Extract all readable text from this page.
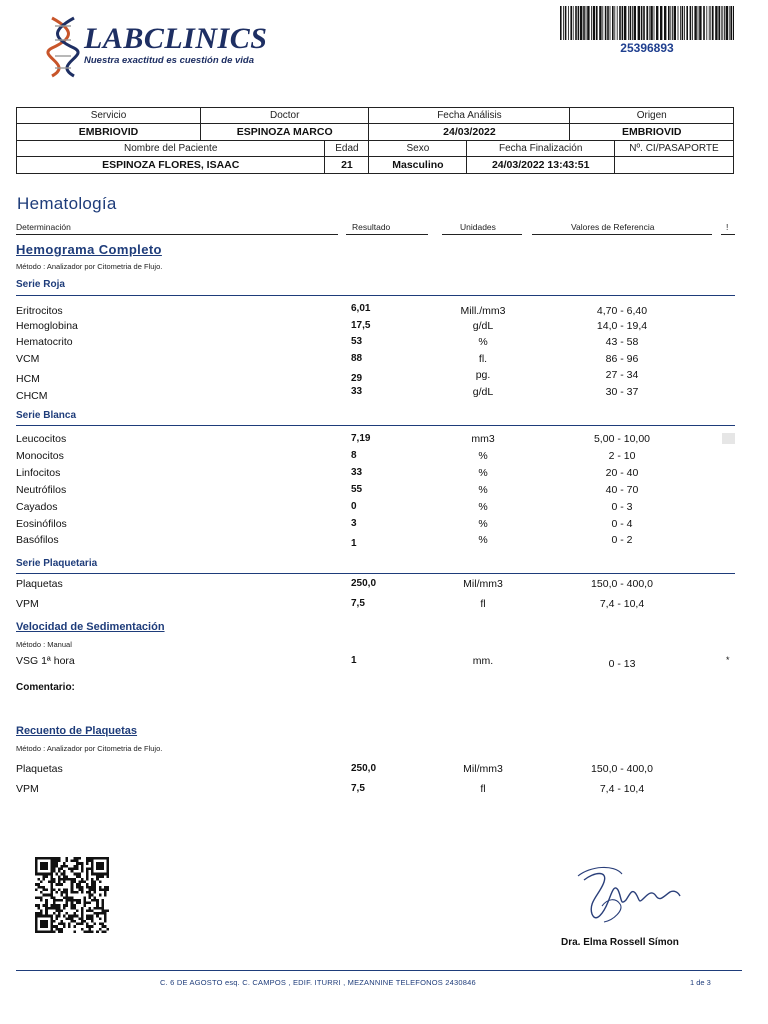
LABCLINICS
Nuestra exactitud es cuestión de vida
25396893
Servicio	Doctor		Fecha Análisis		Origen	
EMBRIOVID	ESPINOZA MARCO		24/03/2022		EMBRIOVID	
Nombre del Paciente		Edad	Sexo	Fecha Finalización		Nº. CI/PASAPORTE
ESPINOZA FLORES, ISAAC		21	Masculino	24/03/2022 13:43:51		
Hematología
Determinación	Resultado	Unidades	Valores de Referencia	!
Hemograma Completo
Método : Analizador por Citometria de Flujo.
Serie Roja
Eritrocitos	6,01	Mill./mm3	4,70 - 6,40
Hemoglobina	17,5	g/dL	14,0 - 19,4
Hematocrito	53	%	43 - 58
VCM	88	fl.	86 - 96
HCM	29	pg.	27 - 34
CHCM	33	g/dL	30 - 37
Serie Blanca
Leucocitos	7,19	mm3	5,00 - 10,00
Monocitos	8	%	2 - 10
Linfocitos	33	%	20 - 40
Neutrófilos	55	%	40 - 70
Cayados	0	%	0 - 3
Eosinófilos	3	%	0 - 4
Basófilos	1	%	0 - 2
Serie Plaquetaria
Plaquetas	250,0	Mil/mm3	150,0 - 400,0
VPM	7,5	fl	7,4 - 10,4
Velocidad de Sedimentación
Método : Manual
VSG 1ª hora	1	mm.	0 - 13	*
Comentario:
Recuento de Plaquetas
Método : Analizador por Citometria de Flujo.
Plaquetas	250,0	Mil/mm3	150,0 - 400,0
VPM	7,5	fl	7,4 - 10,4
Dra. Elma Rossell Símon
C. 6 DE AGOSTO esq. C. CAMPOS , EDIF. ITURRI , MEZANNINE TELEFONOS 2430846	1 de 3
